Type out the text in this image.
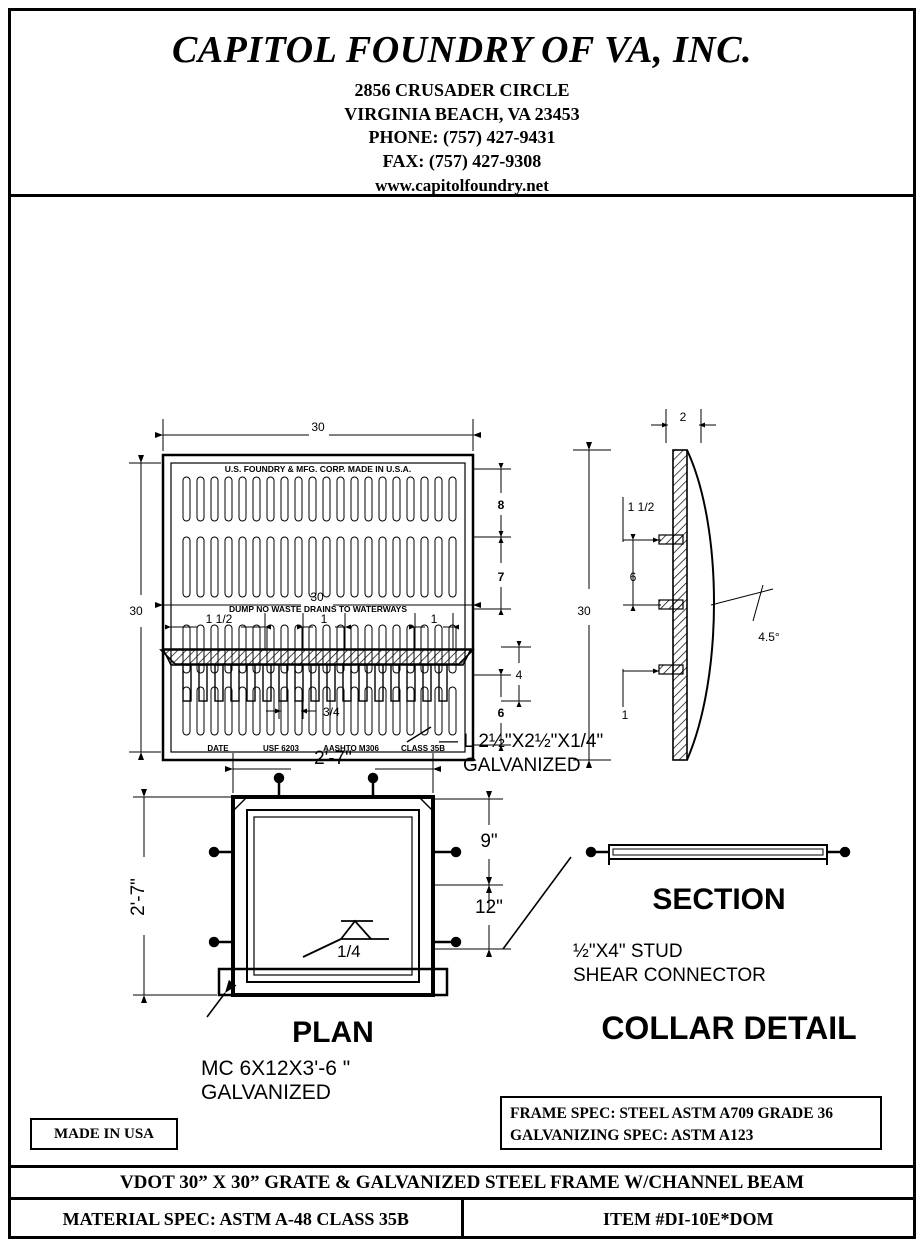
CAPITOL FOUNDRY OF VA, INC.
2856 CRUSADER CIRCLE
VIRGINIA BEACH, VA 23453
PHONE: (757) 427-9431
FAX: (757) 427-9308
www.capitolfoundry.net
U.S. FOUNDRY & MFG. CORP. MADE IN U.S.A.
DUMP NO WASTE DRAINS TO WATERWAYS
DATE	USF 6203	AASHTO M306	CLASS 35B
30
30
8
7
6
2
30
1 1/2
6
1
4.5°
1/4
2'-7"
2'-7"
9"
12"
— L 2½"X2½"X1/4"
GALVANIZED
½"X4" STUD
SHEAR CONNECTOR
PLAN
MC 6X12X3'-6 "
GALVANIZED
SECTION
COLLAR DETAIL
30
1 1/2	1	1
3/4
4
MADE IN USA
FRAME SPEC: STEEL ASTM A709 GRADE 36
GALVANIZING SPEC: ASTM A123
VDOT 30” X 30” GRATE & GALVANIZED STEEL FRAME W/CHANNEL BEAM
MATERIAL SPEC: ASTM A-48 CLASS 35B	ITEM #DI-10E*DOM
